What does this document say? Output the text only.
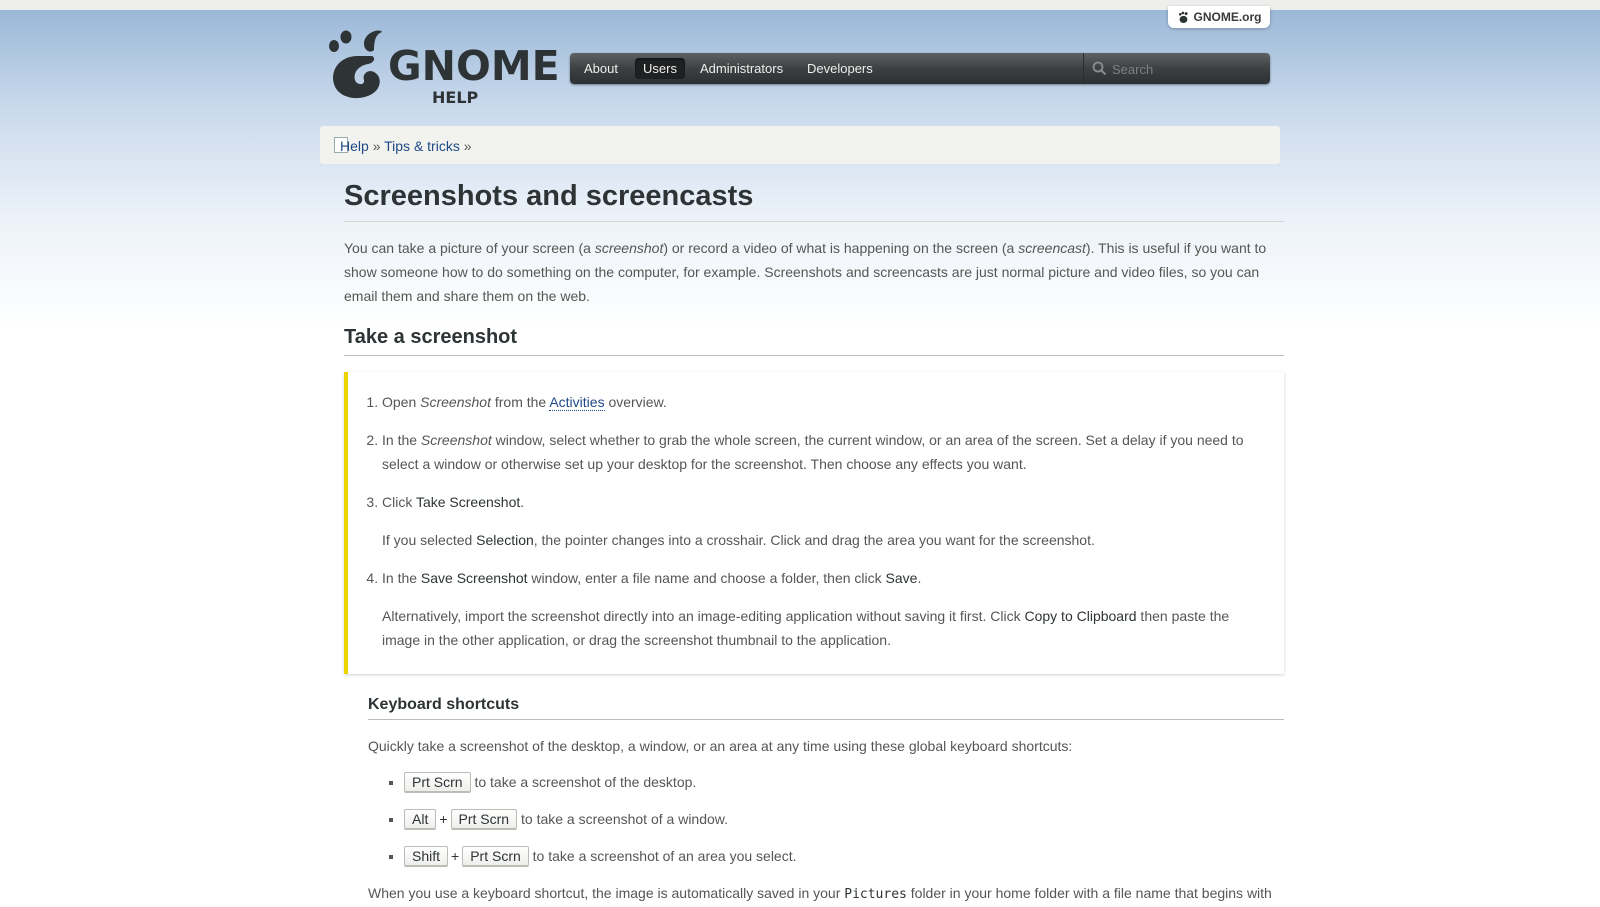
GNOME.org
GNOME
HELP
About	Users	Administrators	Developers
Search
Help » Tips & tricks »
Screenshots and screencasts

You can take a picture of your screen (a screenshot) or record a video of what is happening on the screen (a screencast). This is useful if you want to show someone how to do something on the computer, for example. Screenshots and screencasts are just normal picture and video files, so you can email them and share them on the web.

Take a screenshot
1. Open Screenshot from the Activities overview.
2. In the Screenshot window, select whether to grab the whole screen, the current window, or an area of the screen. Set a delay if you need to select a window or otherwise set up your desktop for the screenshot. Then choose any effects you want.

3. Click Take Screenshot.

If you selected Selection, the pointer changes into a crosshair. Click and drag the area you want for the screenshot.

4. In the Save Screenshot window, enter a file name and choose a folder, then click Save.

Alternatively, import the screenshot directly into an image-editing application without saving it first. Click Copy to Clipboard then paste the image in the other application, or drag the screenshot thumbnail to the application.

Keyboard shortcuts

Quickly take a screenshot of the desktop, a window, or an area at any time using these global keyboard shortcuts:

▪ Prt Scrn to take a screenshot of the desktop.
▪ Alt + Prt Scrn to take a screenshot of a window.
▪ Shift + Prt Scrn to take a screenshot of an area you select.

When you use a keyboard shortcut, the image is automatically saved in your Pictures folder in your home folder with a file name that begins with
